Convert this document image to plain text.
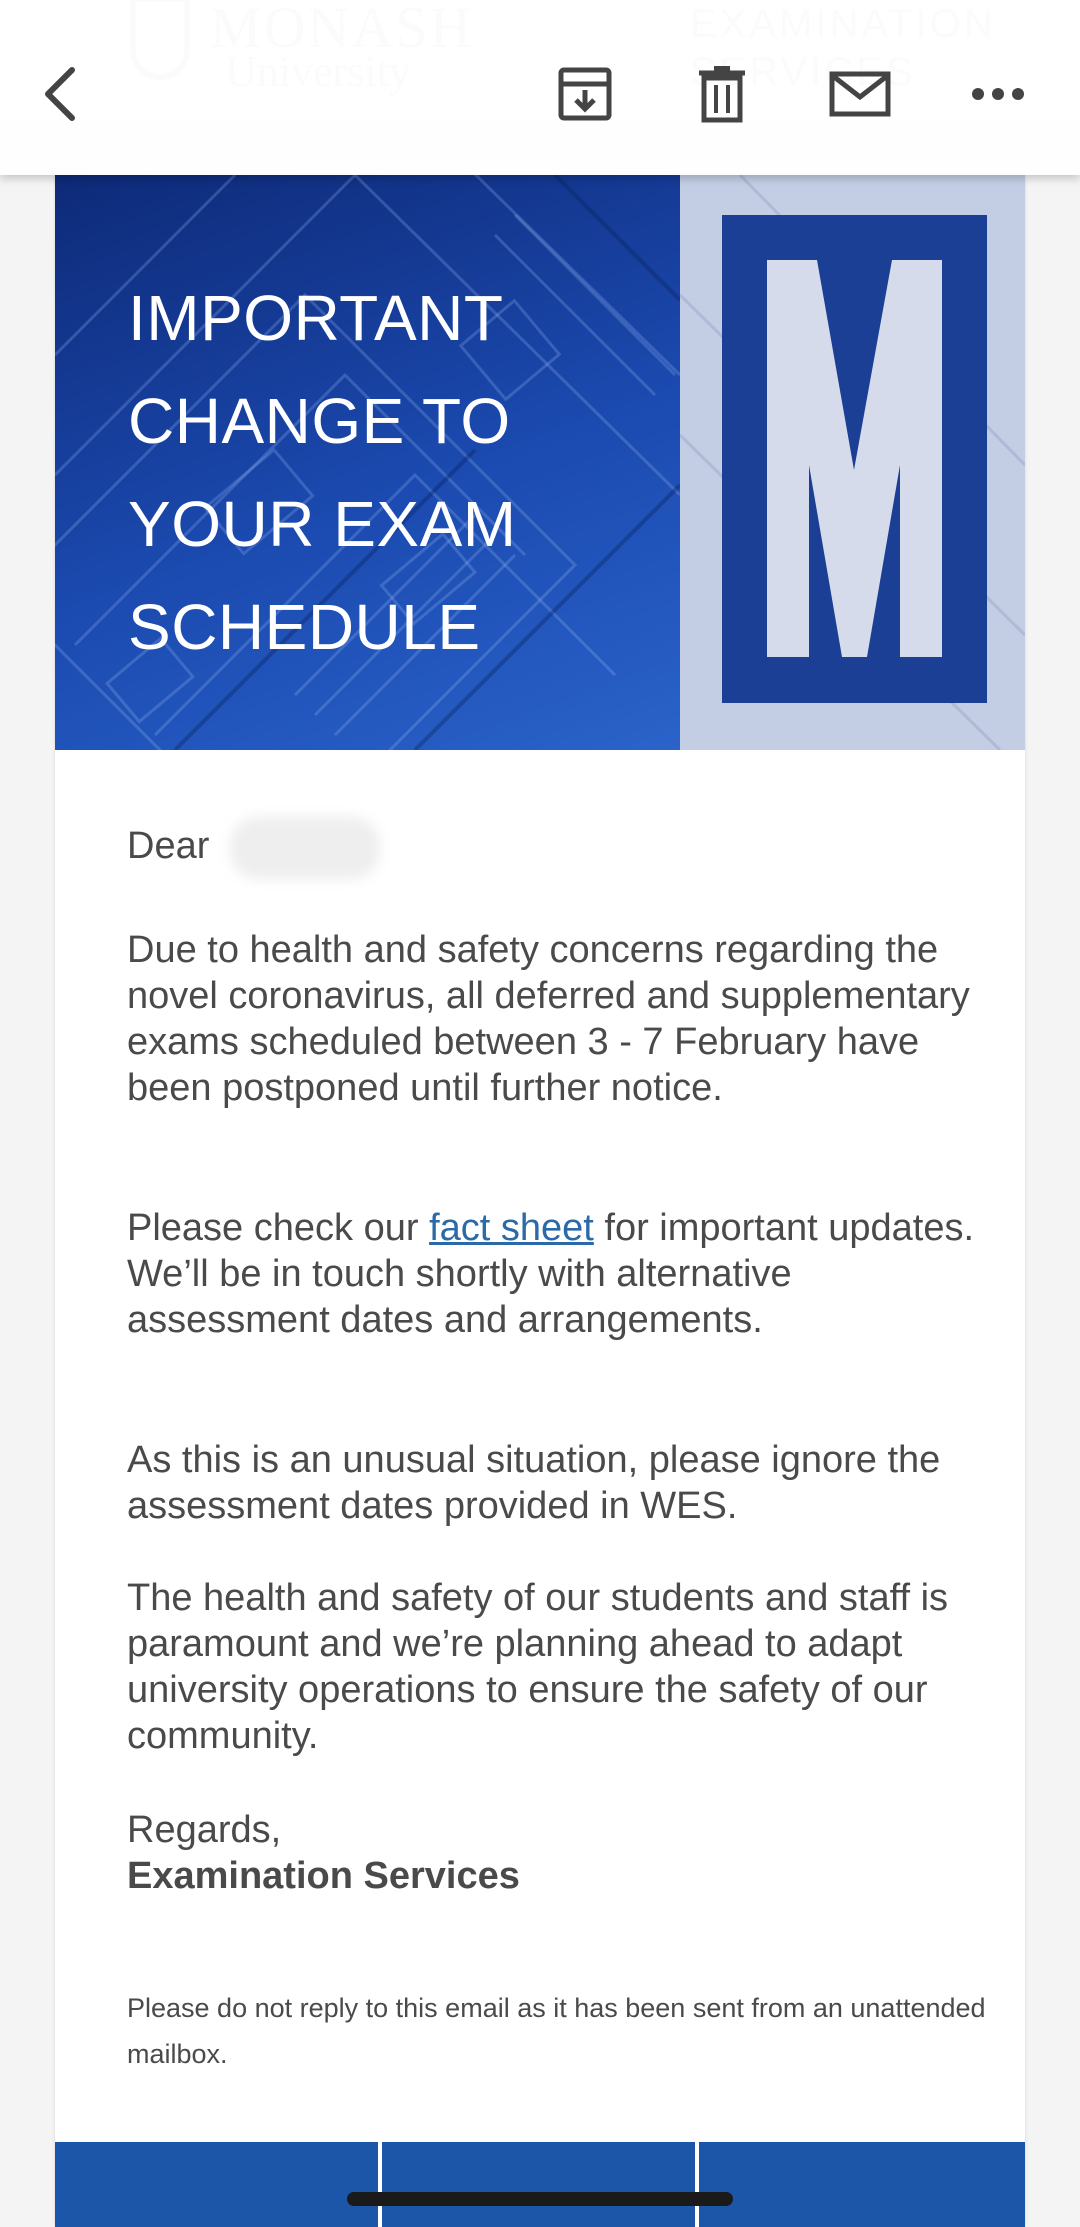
IMPORTANT
CHANGE TO
YOUR EXAM
SCHEDULE
Dear
Due to health and safety concerns regarding the novel coronavirus, all deferred and supplementary exams scheduled between 3 - 7 February have been postponed until further notice.
Please check our fact sheet for important updates. We’ll be in touch shortly with alternative assessment dates and arrangements.
As this is an unusual situation, please ignore the assessment dates provided in WES.
The health and safety of our students and staff is paramount and we’re planning ahead to adapt university operations to ensure the safety of our community.
Regards,
Examination Services
Please do not reply to this email as it has been sent from an unattended mailbox.
